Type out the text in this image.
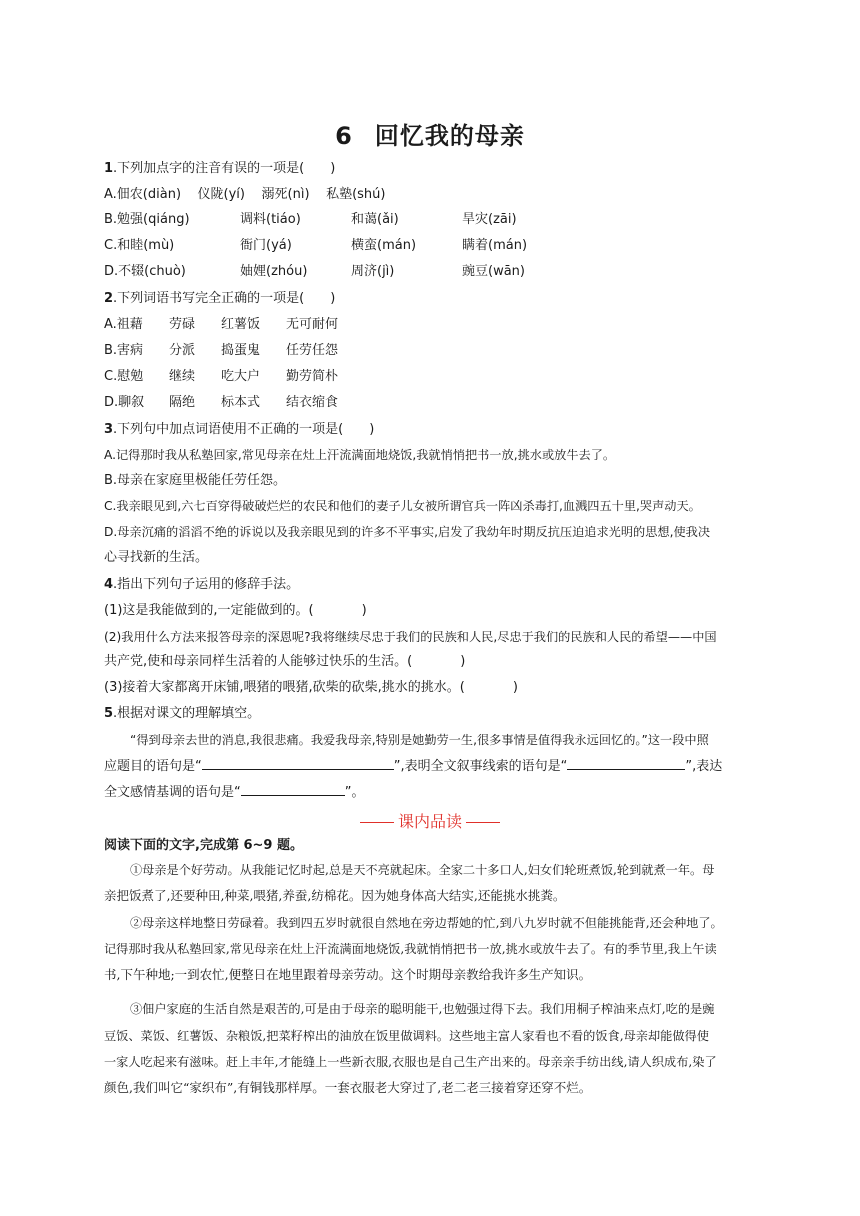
6 回忆我的母亲
1.下列加点字的注音有误的一项是(　　)
A.佃农(diàn) 仪陇(yí) 溺死(nì) 私塾(shú)
B.勉强(qiáng)	调料(tiáo)	和蔼(ǎi)	旱灾(zāi)
C.和睦(mù)	衙门(yá)	横蛮(mán)	瞒着(mán)
D.不辍(chuò)	妯娌(zhóu)	周济(jì)	豌豆(wān)
2.下列词语书写完全正确的一项是(　　)
A.祖藉 劳碌 红薯饭 无可耐何
B.害病 分派 捣蛋鬼 任劳任怨
C.慰勉 继续 吃大户 勤劳简朴
D.聊叙 隔绝 标本式 结衣缩食
3.下列句中加点词语使用不正确的一项是(　　)
A.记得那时我从私塾回家,常见母亲在灶上汗流满面地烧饭,我就悄悄把书一放,挑水或放牛去了。
B.母亲在家庭里极能任劳任怨。
C.我亲眼见到,六七百穿得破破烂烂的农民和他们的妻子儿女被所谓官兵一阵凶杀毒打,血溅四五十里,哭声动天。
D.母亲沉痛的滔滔不绝的诉说以及我亲眼见到的许多不平事实,启发了我幼年时期反抗压迫追求光明的思想,使我决
心寻找新的生活。
4.指出下列句子运用的修辞手法。
(1)这是我能做到的,一定能做到的。(	)
(2)我用什么方法来报答母亲的深恩呢?我将继续尽忠于我们的民族和人民,尽忠于我们的民族和人民的希望——中国
共产党,使和母亲同样生活着的人能够过快乐的生活。(	)
(3)接着大家都离开床铺,喂猪的喂猪,砍柴的砍柴,挑水的挑水。(	)
5.根据对课文的理解填空。
“得到母亲去世的消息,我很悲痛。我爱我母亲,特别是她勤劳一生,很多事情是值得我永远回忆的。”这一段中照
应题目的语句是“	”,表明全文叙事线索的语句是“	”,表达
全文感情基调的语句是“	”。
课内品读
阅读下面的文字,完成第 6~9 题。
①母亲是个好劳动。从我能记忆时起,总是天不亮就起床。全家二十多口人,妇女们轮班煮饭,轮到就煮一年。母
亲把饭煮了,还要种田,种菜,喂猪,养蚕,纺棉花。因为她身体高大结实,还能挑水挑粪。
②母亲这样地整日劳碌着。我到四五岁时就很自然地在旁边帮她的忙,到八九岁时就不但能挑能背,还会种地了。
记得那时我从私塾回家,常见母亲在灶上汗流满面地烧饭,我就悄悄把书一放,挑水或放牛去了。有的季节里,我上午读
书,下午种地;一到农忙,便整日在地里跟着母亲劳动。这个时期母亲教给我许多生产知识。
③佃户家庭的生活自然是艰苦的,可是由于母亲的聪明能干,也勉强过得下去。我们用桐子榨油来点灯,吃的是豌
豆饭、菜饭、红薯饭、杂粮饭,把菜籽榨出的油放在饭里做调料。这些地主富人家看也不看的饭食,母亲却能做得使
一家人吃起来有滋味。赶上丰年,才能缝上一些新衣服,衣服也是自己生产出来的。母亲亲手纺出线,请人织成布,染了
颜色,我们叫它“家织布”,有铜钱那样厚。一套衣服老大穿过了,老二老三接着穿还穿不烂。
